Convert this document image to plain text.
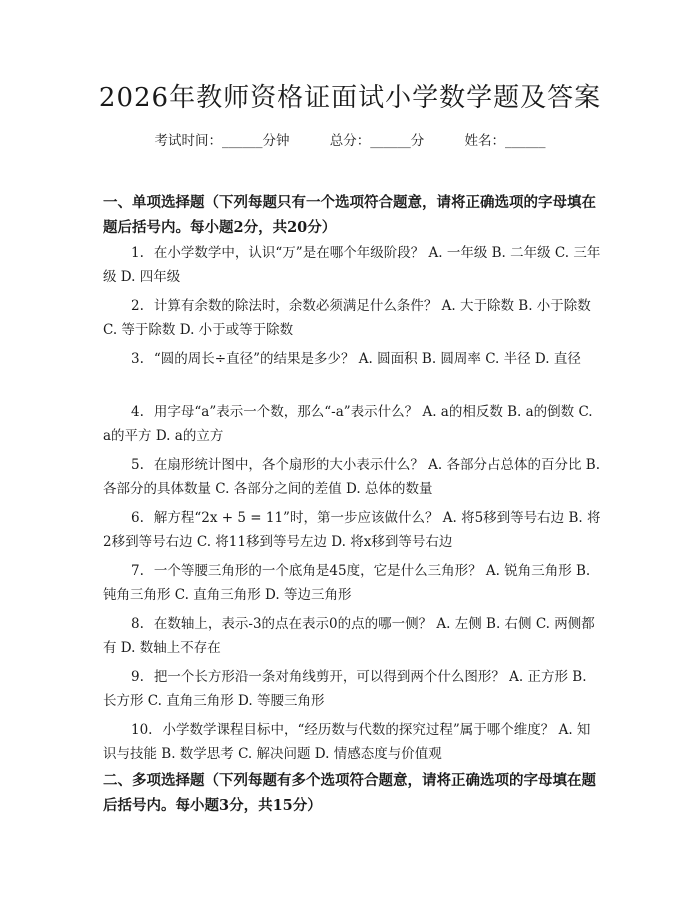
2026年教师资格证面试小学数学题及答案
考试时间：______分钟	总分：______分	姓名：______
一、单项选择题（下列每题只有一个选项符合题意，请将正确选项的字母填在题后括号内。每小题2分，共20分）
1. 在小学数学中，认识“万”是在哪个年级阶段？ A. 一年级 B. 二年级 C. 三年级 D. 四年级
2. 计算有余数的除法时，余数必须满足什么条件？ A. 大于除数 B. 小于除数 C. 等于除数 D. 小于或等于除数
3. “圆的周长÷直径”的结果是多少？ A. 圆面积 B. 圆周率 C. 半径 D. 直径
4. 用字母“a”表示一个数，那么“-a”表示什么？ A. a的相反数 B. a的倒数 C. a的平方 D. a的立方
5. 在扇形统计图中，各个扇形的大小表示什么？ A. 各部分占总体的百分比 B. 各部分的具体数量 C. 各部分之间的差值 D. 总体的数量
6. 解方程“2x + 5 = 11”时，第一步应该做什么？ A. 将5移到等号右边 B. 将2移到等号右边 C. 将11移到等号左边 D. 将x移到等号右边
7. 一个等腰三角形的一个底角是45度，它是什么三角形？ A. 锐角三角形 B. 钝角三角形 C. 直角三角形 D. 等边三角形
8. 在数轴上，表示-3的点在表示0的点的哪一侧？ A. 左侧 B. 右侧 C. 两侧都有 D. 数轴上不存在
9. 把一个长方形沿一条对角线剪开，可以得到两个什么图形？ A. 正方形 B. 长方形 C. 直角三角形 D. 等腰三角形
10. 小学数学课程目标中，“经历数与代数的探究过程”属于哪个维度？ A. 知识与技能 B. 数学思考 C. 解决问题 D. 情感态度与价值观
二、多项选择题（下列每题有多个选项符合题意，请将正确选项的字母填在题后括号内。每小题3分，共15分）
